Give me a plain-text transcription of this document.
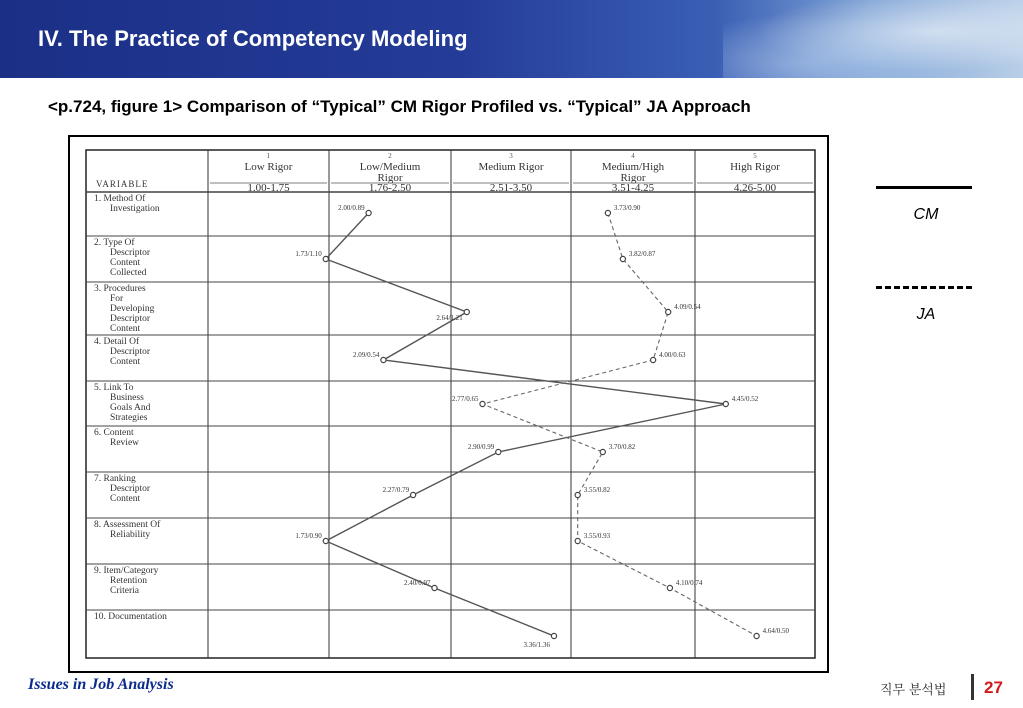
IV. The Practice of Competency Modeling
<p.724, figure 1> Comparison of “Typical” CM Rigor Profiled vs. “Typical” JA Approach
VARIABLE
1
Low Rigor
1.00-1.75
2
Low/Medium
Rigor
1.76-2.50
3
Medium Rigor
2.51-3.50
4
Medium/High
Rigor
3.51-4.25
5
High Rigor
4.26-5.00
1. Method Of
Investigation
2. Type Of
Descriptor
Content
Collected
3. Procedures
For
Developing
Descriptor
Content
4. Detail Of
Descriptor
Content
5. Link To
Business
Goals And
Strategies
6. Content
Review
7. Ranking
Descriptor
Content
8. Assessment Of
Reliability
9. Item/Category
Retention
Criteria
10. Documentation
2.00/0.89
1.73/1.10
2.64/1.21
2.09/0.54
4.45/0.52
2.90/0.99
2.27/0.79
1.73/0.90
2.40/0.97
3.36/1.36
3.73/0.90
3.82/0.87
4.09/0.54
4.00/0.63
2.77/0.65
3.70/0.82
3.55/0.82
3.55/0.93
4.10/0.74
4.64/0.50
CM
JA
Issues in Job Analysis	직무 분석법 27
